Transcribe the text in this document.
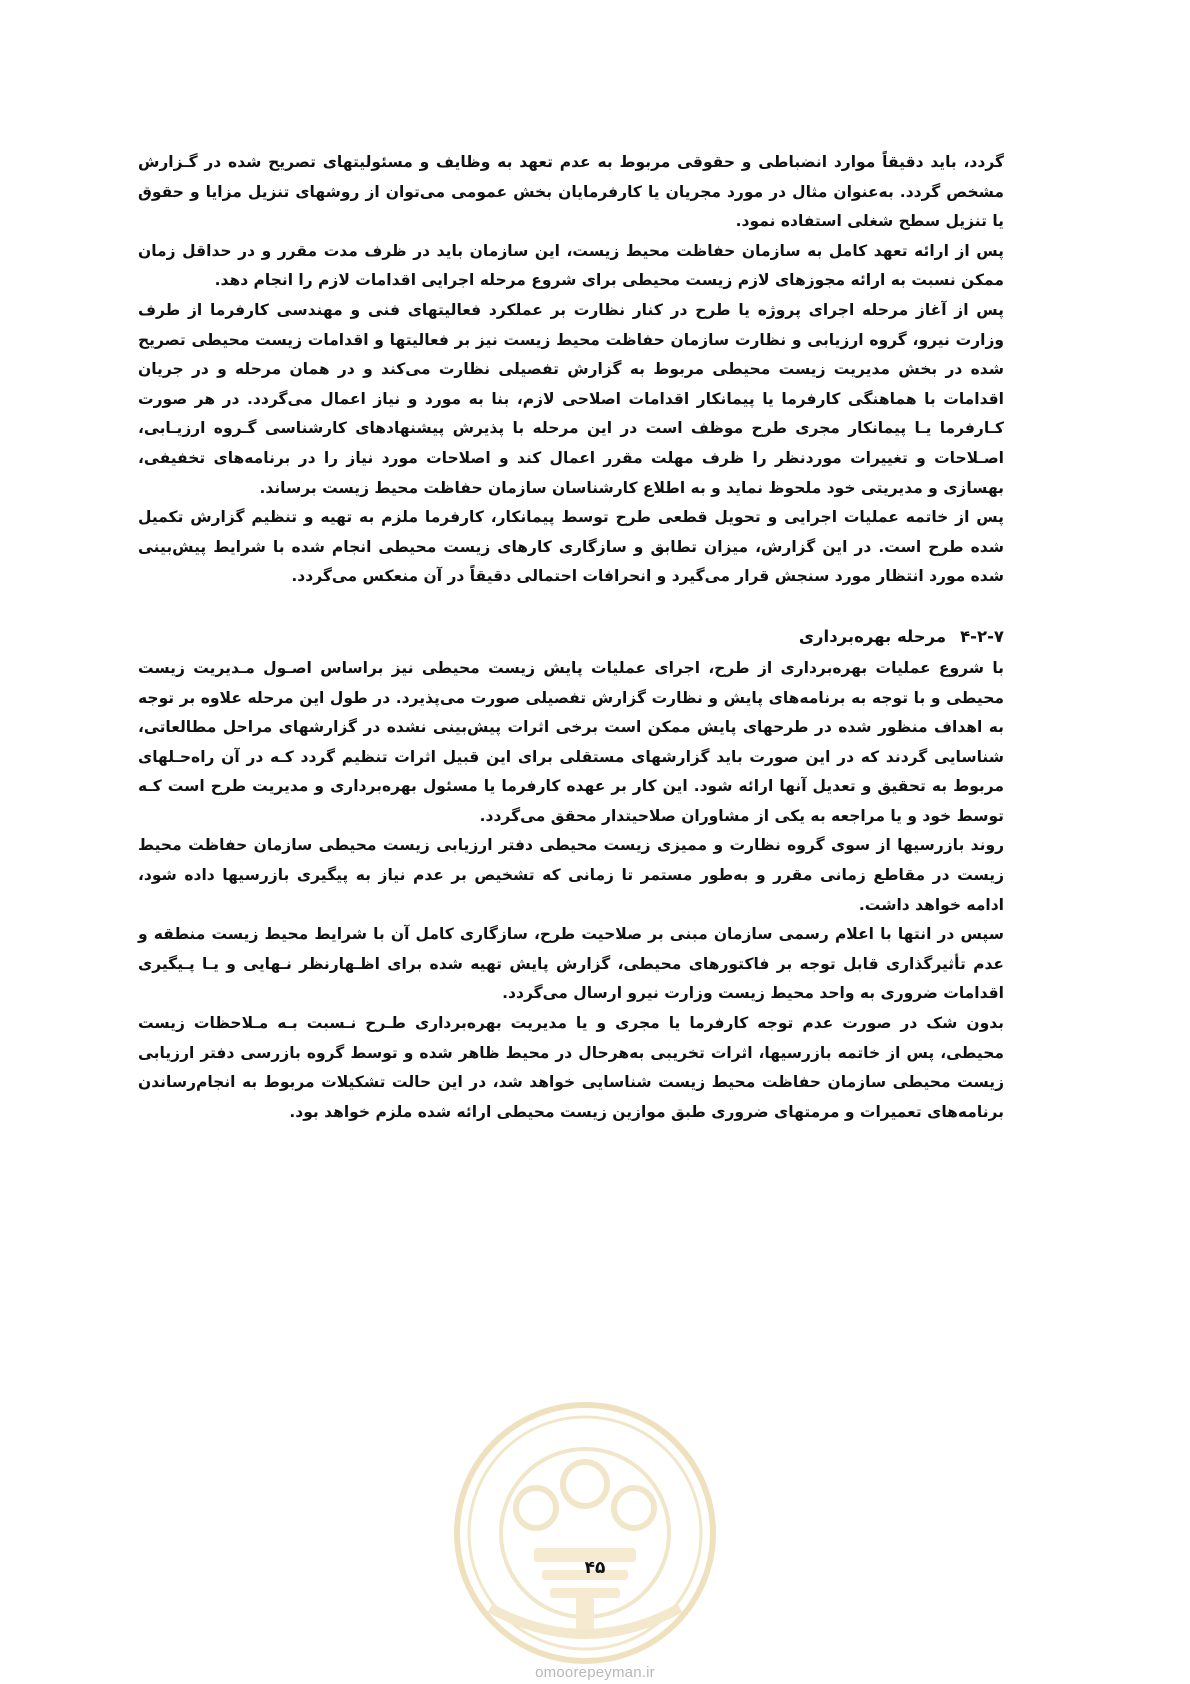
گردد، باید دقیقاً موارد انضباطی و حقوقی مربوط به عدم تعهد به وظایف و مسئولیتهای تصریح شده در گـزارش مشخص گردد. به‌عنوان مثال در مورد مجریان یا کارفرمایان بخش عمومی می‌توان از روشهای تنزیل مزایا و حقوق یا تنزیل سطح شغلی استفاده نمود.

پس از ارائه تعهد کامل به سازمان حفاظت محیط زیست، این سازمان باید در ظرف مدت مقرر و در حداقل زمان ممکن نسبت به ارائه مجوزهای لازم زیست محیطی برای شروع مرحله اجرایی اقدامات لازم را انجام دهد.

پس از آغاز مرحله اجرای پروژه یا طرح در کنار نظارت بر عملکرد فعالیتهای فنی و مهندسی کارفرما از طرف وزارت نیرو، گروه ارزیابی و نظارت سازمان حفاظت محیط زیست نیز بر فعالیتها و اقدامات زیست محیطی تصریح شده در بخش مدیریت زیست محیطی مربوط به گزارش تفصیلی نظارت می‌کند و در همان مرحله و در جریان اقدامات با هماهنگی کارفرما یا پیمانکار اقدامات اصلاحی لازم، بنا به مورد و نیاز اعمال می‌گردد. در هر صورت کـارفرما یـا پیمانکار مجری طرح موظف است در این مرحله با پذیرش پیشنهادهای کارشناسی گـروه ارزیـابی، اصـلاحات و تغییرات موردنظر را ظرف مهلت مقرر اعمال کند و اصلاحات مورد نیاز را در برنامه‌های تخفیفی، بهسازی و مدیریتی خود ملحوظ نماید و به اطلاع کارشناسان سازمان حفاظت محیط زیست برساند.

پس از خاتمه عملیات اجرایی و تحویل قطعی طرح توسط پیمانکار، کارفرما ملزم به تهیه و تنظیم گزارش تکمیل شده طرح است. در این گزارش، میزان تطابق و سازگاری کارهای زیست محیطی انجام شده با شرایط پیش‌بینی شده مورد انتظار مورد سنجش قرار می‌گیرد و انحرافات احتمالی دقیقاً در آن منعکس می‌گردد.

۴-۲-۷مرحله بهره‌برداری

با شروع عملیات بهره‌برداری از طرح، اجرای عملیات پایش زیست محیطی نیز براساس اصـول مـدیریت زیست محیطی و با توجه به برنامه‌های پایش و نظارت گزارش تفصیلی صورت می‌پذیرد. در طول این مرحله علاوه بر توجه به اهداف منظور شده در طرحهای پایش ممکن است برخی اثرات پیش‌بینی نشده در گزارشهای مراحل مطالعاتی، شناسایی گردند که در این صورت باید گزارشهای مستقلی برای این قبیل اثرات تنظیم گردد کـه در آن راه‌حـلهای مربوط به تحقیق و تعدیل آنها ارائه شود. این کار بر عهده کارفرما یا مسئول بهره‌برداری و مدیریت طرح است کـه توسط خود و یا مراجعه به یکی از مشاوران صلاحیتدار محقق می‌گردد.

روند بازرسیها از سوی گروه نظارت و ممیزی زیست محیطی دفتر ارزیابی زیست محیطی سازمان حفاظت محیط زیست در مقاطع زمانی مقرر و به‌طور مستمر تا زمانی که تشخیص بر عدم نیاز به پیگیری بازرسیها داده شود، ادامه خواهد داشت.

سپس در انتها با اعلام رسمی سازمان مبنی بر صلاحیت طرح، سازگاری کامل آن با شرایط محیط زیست منطقه و عدم تأثیرگذاری قابل توجه بر فاکتورهای محیطی، گزارش پایش تهیه شده برای اظـهارنظر نـهایی و یـا پـیگیری اقدامات ضروری به واحد محیط زیست وزارت نیرو ارسال می‌گردد.

بدون شک در صورت عدم توجه کارفرما یا مجری و یا مدیریت بهره‌برداری طـرح نـسبت بـه مـلاحظات زیست محیطی، پس از خاتمه بازرسیها، اثرات تخریبی به‌هرحال در محیط ظاهر شده و توسط گروه بازرسی دفتر ارزیابی زیست محیطی سازمان حفاظت محیط زیست شناسایی خواهد شد، در این حالت تشکیلات مربوط به انجام‌رساندن برنامه‌های تعمیرات و مرمتهای ضروری طبق موازین زیست محیطی ارائه شده ملزم خواهد بود.

۴۵
omoorepeyman.ir
